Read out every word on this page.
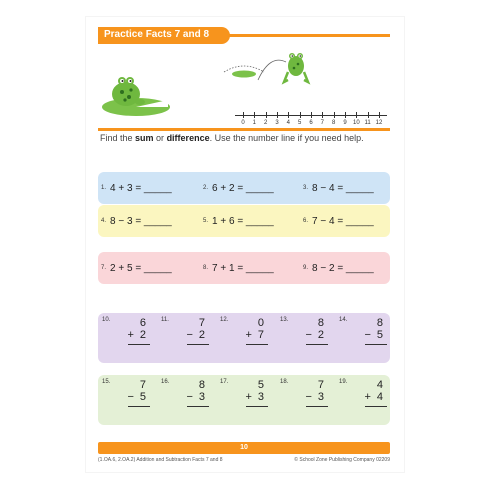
Practice Facts 7 and 8
0 1 2 3 4 5 6 7 8 9 10 11 12
Find the sum or difference. Use the number line if you need help.
1. 4 + 3 = _____	2. 6 + 2 = _____	3. 8 − 4 = _____
4. 8 − 3 = _____	5. 1 + 6 = _____	6. 7 − 4 = _____
7. 2 + 5 = _____	8. 7 + 1 = _____	9. 8 − 2 = _____
10.	6
+ 2
11.	7
− 2
12.	0
+ 7
13.	8
− 2
14.	8
− 5
15.	7
− 5
16.	8
− 3
17.	5
+ 3
18.	7
− 3
19.	4
+ 4
10
(1.OA.6, 2.OA.2) Addition and Subtraction Facts 7 and 8	© School Zone Publishing Company 02209
